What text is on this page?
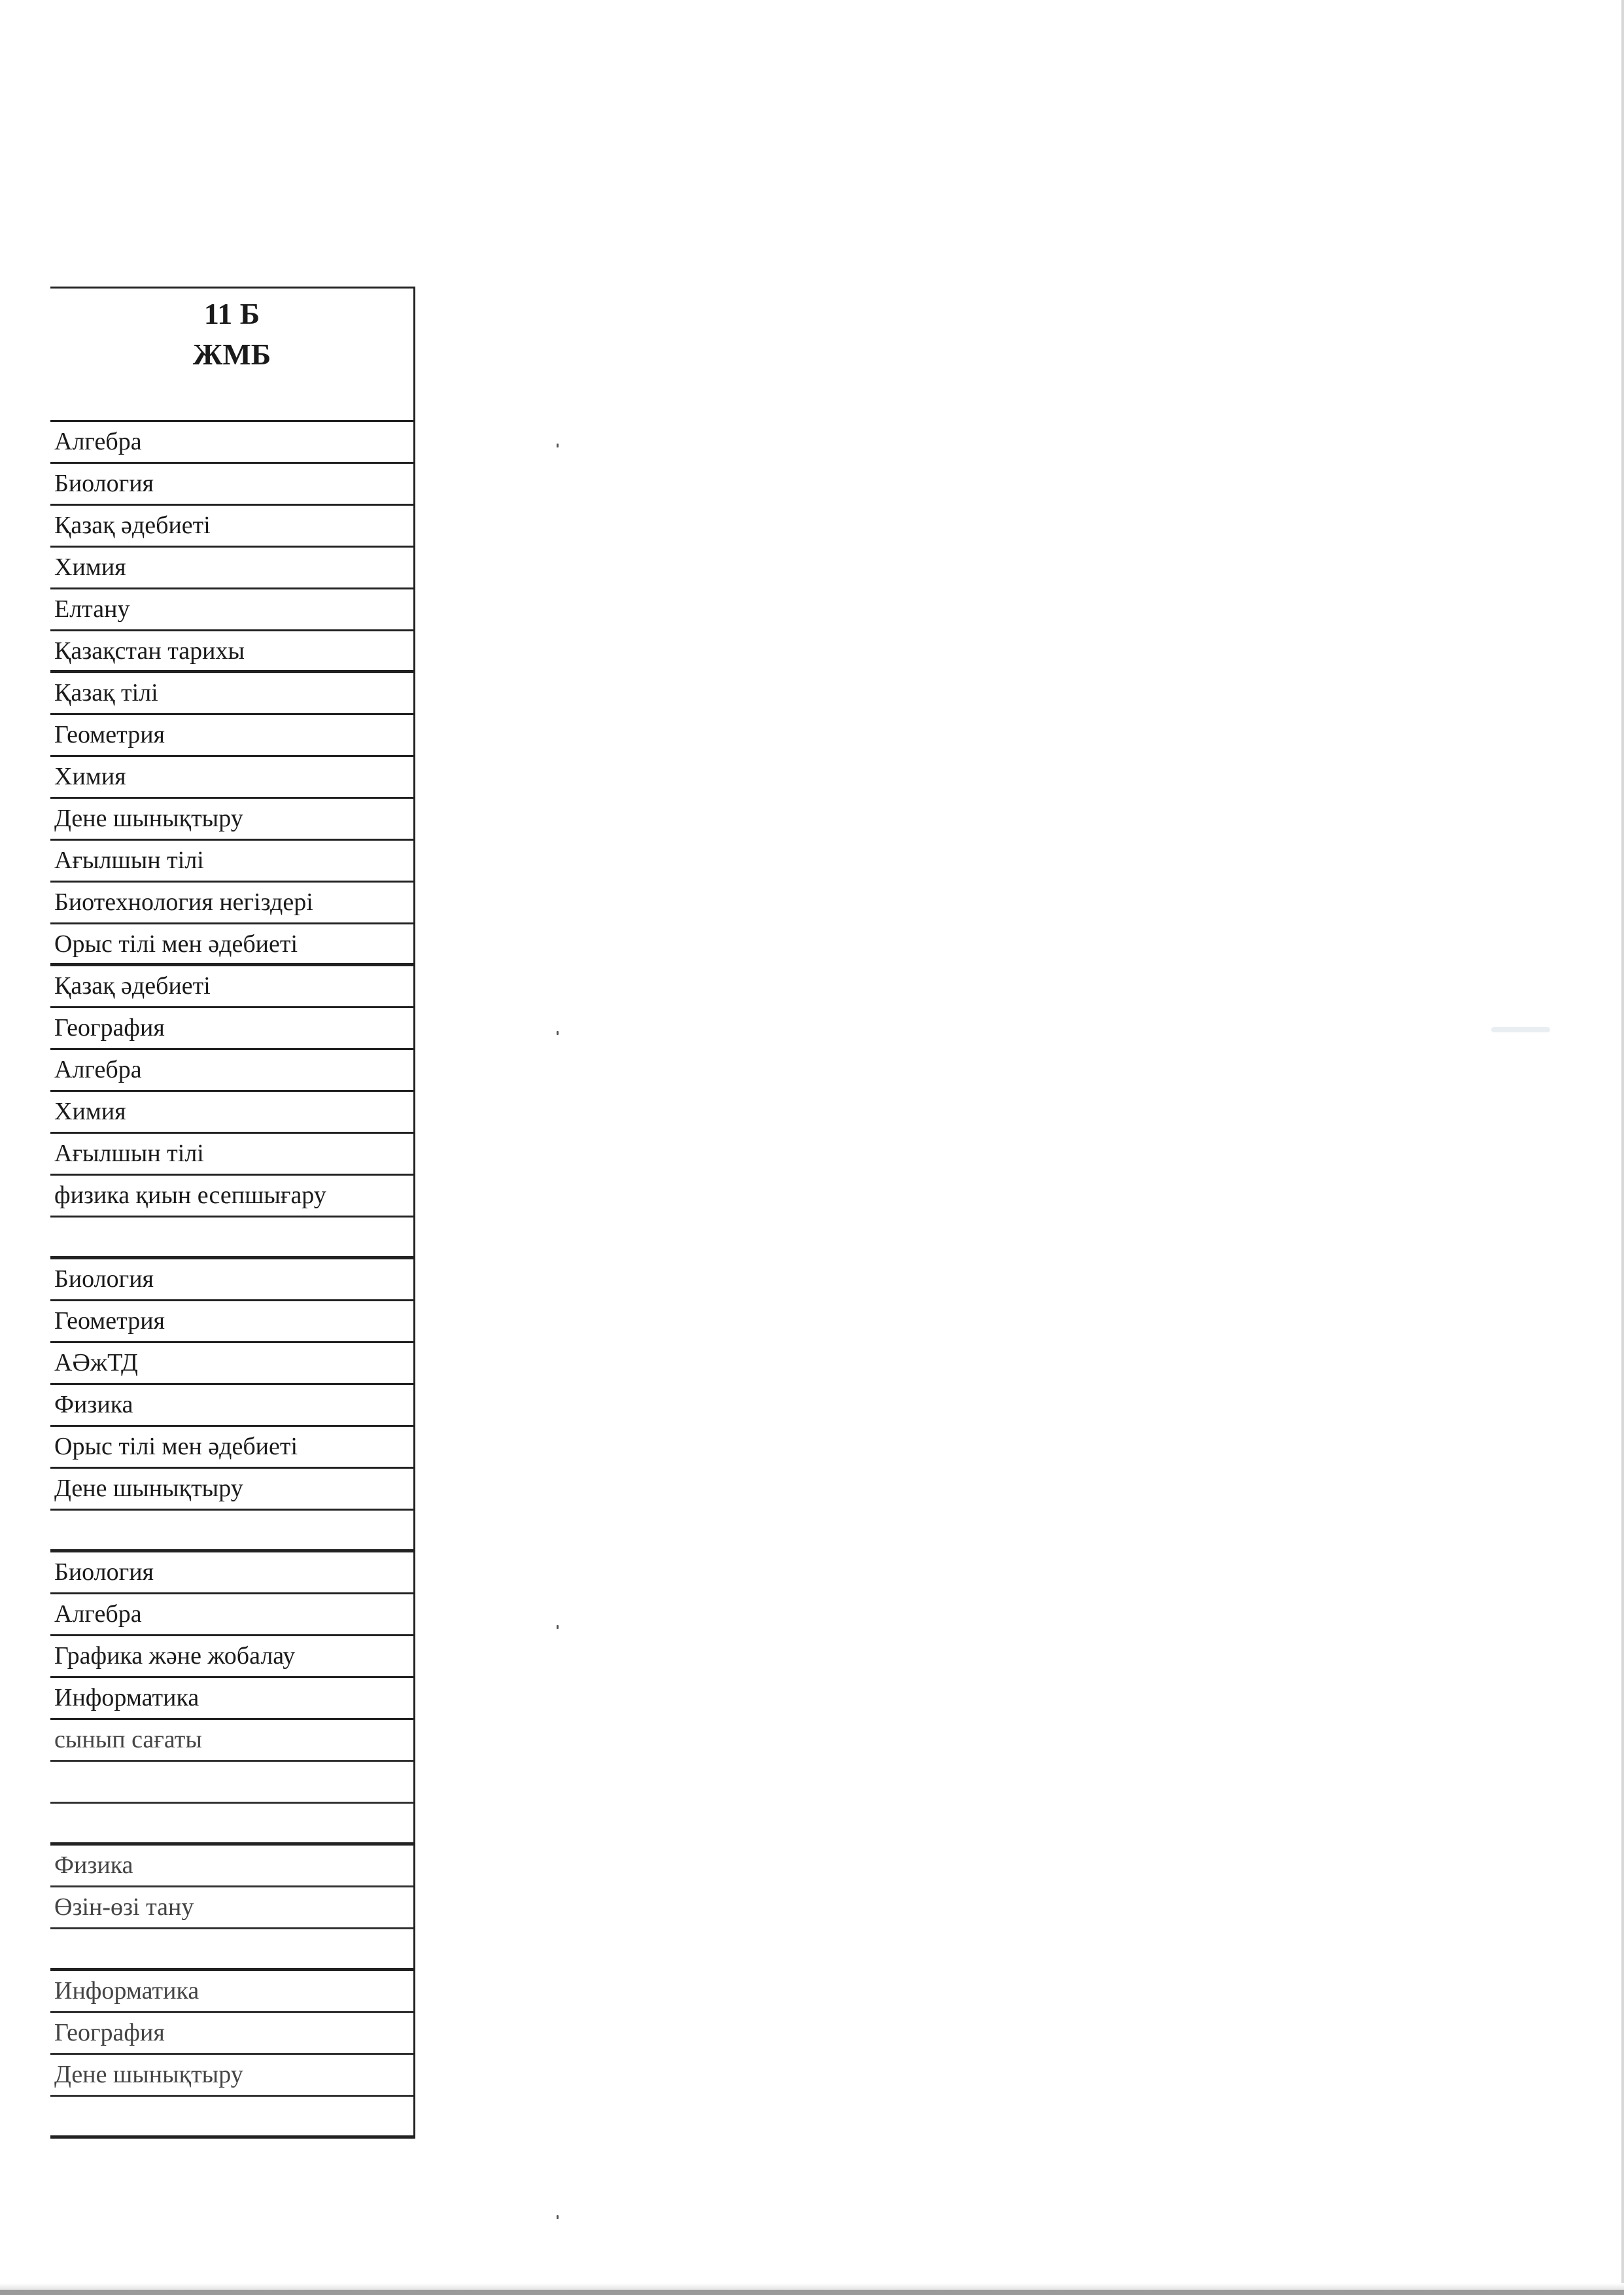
11 Б
ЖМБ
Алгебра
Биология
Қазақ әдебиеті
Химия
Елтану
Қазақстан тарихы
Қазақ тілі
Геометрия
Химия
Дене шынықтыру
Ағылшын тілі
Биотехнология негіздері
Орыс тілі мен әдебиеті
Қазақ әдебиеті
География
Алгебра
Химия
Ағылшын тілі
физика қиын есепшығару
Биология
Геометрия
АӘжТД
Физика
Орыс тілі мен әдебиеті
Дене шынықтыру
Биология
Алгебра
Графика және жобалау
Информатика
сынып сағаты
Физика
Өзін-өзі тану
Информатика
География
Дене шынықтыру
